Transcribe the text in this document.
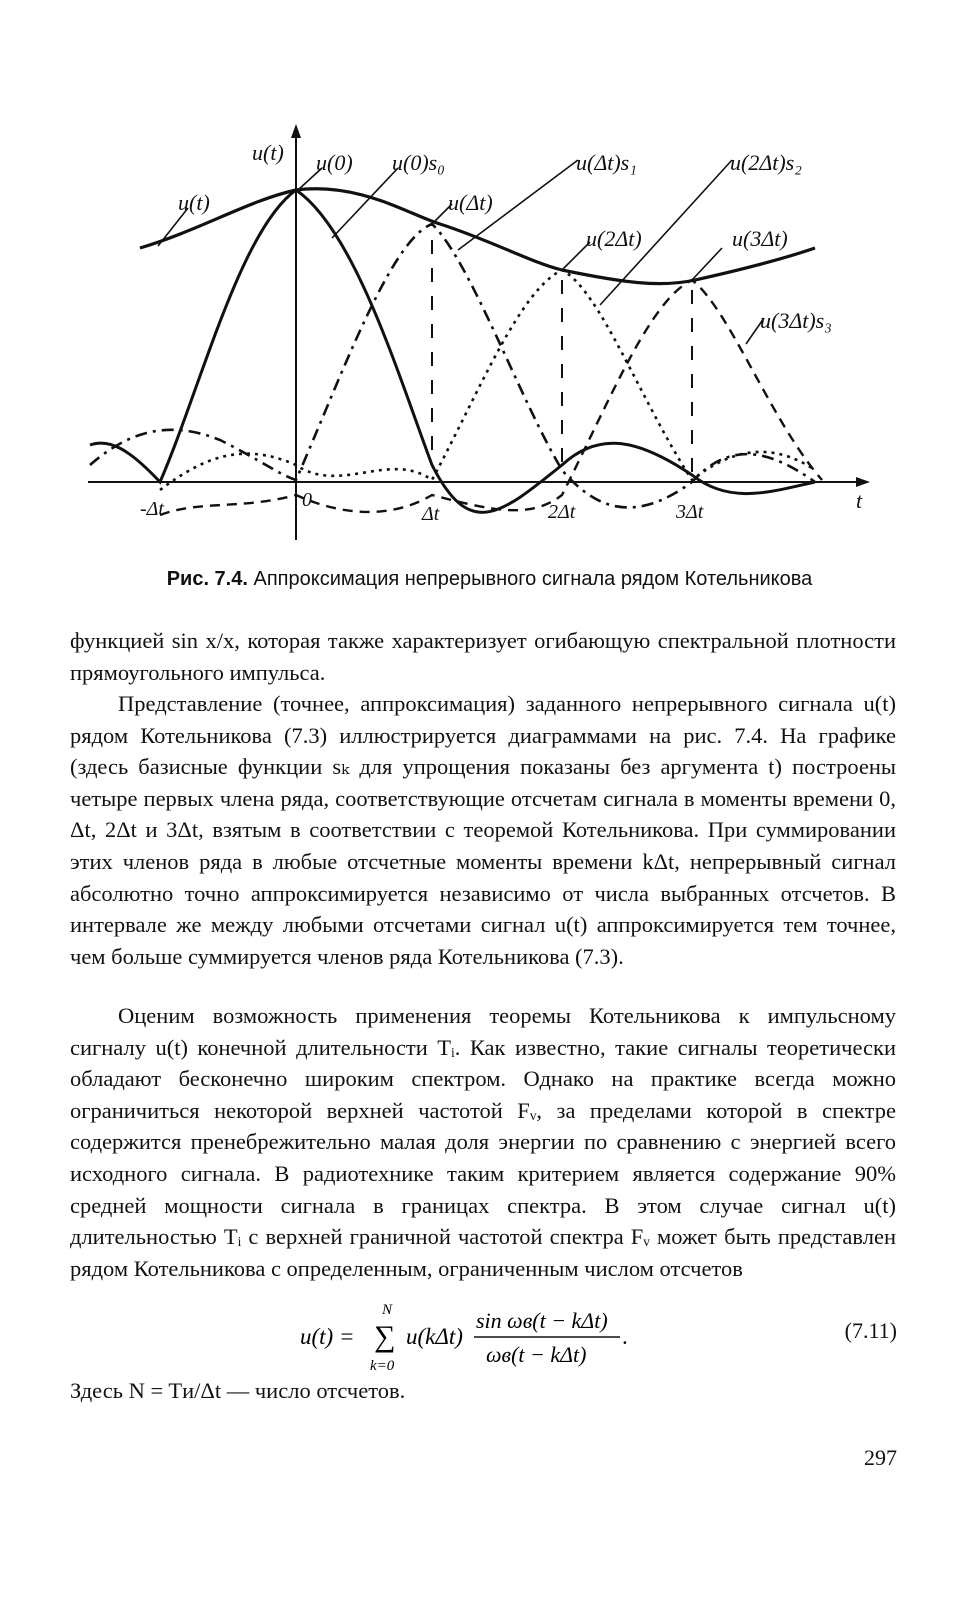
u(t)
t
u(t)
u(0) u(0)s₀
u(Δt)
u(Δt)s₁
u(2Δt)
u(2Δt)s₂
u(3Δt)
u(3Δt)s₃
-Δt	0
Δt	2Δt	3Δt
Рис. 7.4. Аппроксимация непрерывного сигнала рядом Котельникова

функцией sin x/x, которая также характеризует огибающую спектральной плотности прямоугольного импульса.

Представление (точнее, аппроксимация) заданного непрерывного сигнала u(t) рядом Котельникова (7.3) иллюстрируется диаграммами на рис. 7.4. На графике (здесь базисные функции sₖ для упрощения показаны без аргумента t) построены четыре первых члена ряда, соответствующие отсчетам сигнала в моменты времени 0, Δt, 2Δt и 3Δt, взятым в соответствии с теоремой Котельникова. При суммировании этих членов ряда в любые отсчетные моменты времени kΔt, непрерывный сигнал абсолютно точно аппроксимируется независимо от числа выбранных отсчетов. В интервале же между любыми отсчетами сигнал u(t) аппроксимируется тем точнее, чем больше суммируется членов ряда Котельникова (7.3).

Оценим возможность применения теоремы Котельникова к импульсному сигналу u(t) конечной длительности Tᵢ. Как известно, такие сигналы теоретически обладают бесконечно широким спектром. Однако на практике всегда можно ограничиться некоторой верхней частотой Fᵥ, за пределами которой в спектре содержится пренебрежительно малая доля энергии по сравнению с энергией всего исходного сигнала. В радиотехнике таким критерием является содержание 90% средней мощности сигнала в границах спектра. В этом случае сигнал u(t) длительностью Tᵢ с верхней граничной частотой спектра Fᵥ может быть представлен рядом Котельникова с определенным, ограниченным числом отсчетов

u(t) =
N
∑
k=0
u(kΔt)
sin ωв(t − kΔt)
ωв(t − kΔt)
.	(7.11)
Здесь N = Tи/Δt — число отсчетов.
297
